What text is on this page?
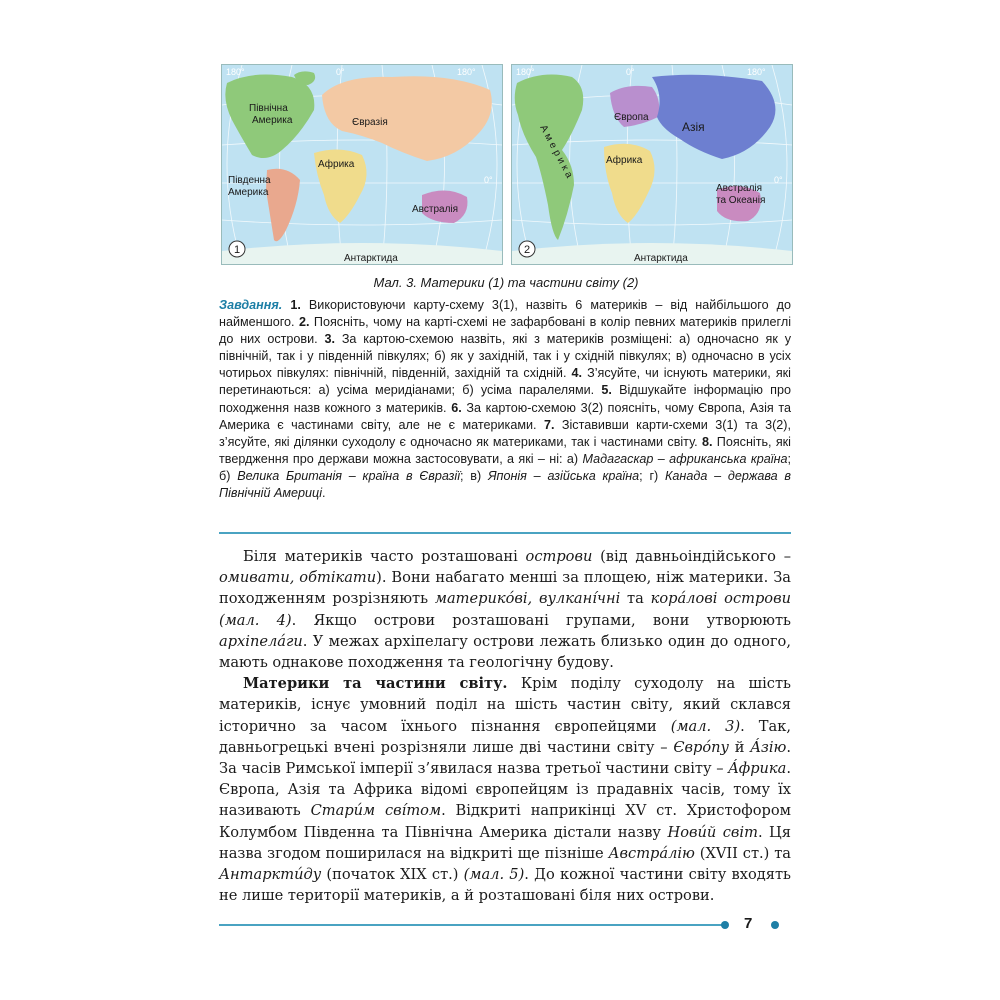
180°	0°	180°
0°
Північна
Америка	Євразія
Африка
Південна
Америка
Австралія
Антарктида
1
180°	0°	180°
0°
Америка
Європа
Азія
Африка
Австралія
та Океанія
Антарктида
2
Мал. 3. Материки (1) та частини світу (2)
Завдання. 1. Використовуючи карту-схему 3(1), назвіть 6 материків – від найбільшого до найменшого. 2. Поясніть, чому на карті-схемі не зафарбовані в колір певних материків прилеглі до них острови. 3. За картою-схемою назвіть, які з материків розміщені: а) одночасно як у північній, так і у південній півкулях; б) як у західній, так і у східній півкулях; в) одночасно в усіх чотирьох півкулях: північній, південній, західній та східній. 4. З’ясуйте, чи існують материки, які перетинаються: а) усіма меридіанами; б) усіма паралелями. 5. Відшукайте інформацію про походження назв кожного з материків. 6. За картою-схемою 3(2) поясніть, чому Європа, Азія та Америка є частинами світу, але не є материками. 7. Зіставивши карти-схеми 3(1) та 3(2), з’ясуйте, які ділянки суходолу є одночасно як материками, так і частинами світу. 8. Поясніть, які твердження про держави можна застосовувати, а які – ні: а) Мадагаскар – африканська країна; б) Велика Британія – країна в Євразії; в) Японія – азійська країна; г) Канада – держава в Північній Америці.

Біля материків часто розташовані острови (від давньоіндійського – омивати, обтікати). Вони набагато менші за площею, ніж материки. За походженням розрізняють материкóві, вулканíчні та корáлові острови (мал. 4). Якщо острови розташовані групами, вони утворюють архіпелáги. У межах архіпелагу острови лежать близько один до одного, мають однакове походження та геологічну будову.

Материки та частини світу. Крім поділу суходолу на шість материків, існує умовний поділ на шість частин світу, який склався історично за часом їхнього пізнання європейцями (мал. 3). Так, давньогрецькі вчені розрізняли лише дві частини світу – Єврóпу й Áзію. За часів Римської імперії з’явилася назва третьої частини світу – Áфрика. Європа, Азія та Африка відомі європейцям із прадавніх часів, тому їх називають Старúм свíтом. Відкриті наприкінці XV ст. Христофором Колумбом Південна та Північна Америка дістали назву Новúй світ. Ця назва згодом поширилася на відкриті ще пізніше Австрáлію (XVII ст.) та Антарктúду (початок XIX ст.) (мал. 5). До кожної частини світу входять не лише території материків, а й розташовані біля них острови.

7
